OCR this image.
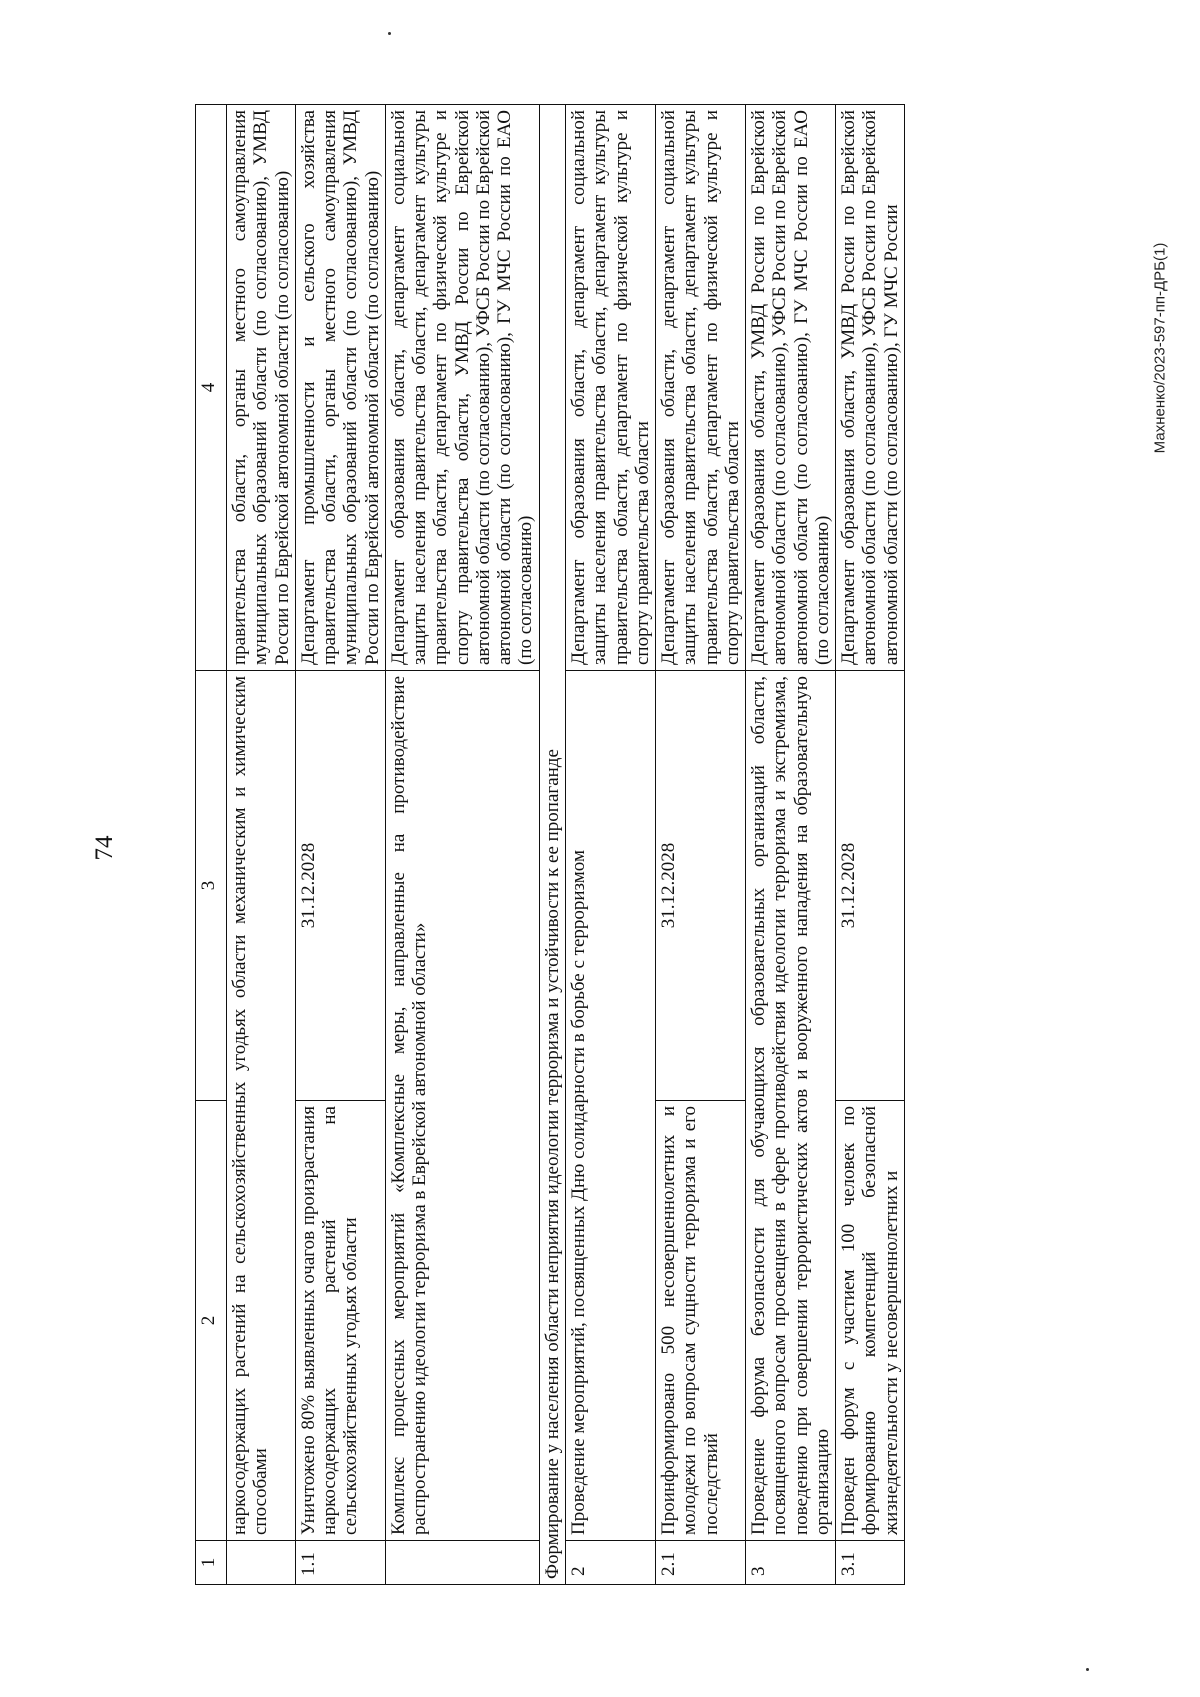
74
Махненко/2023-597-пп-ДРБ(1)
1	2	3	4
	наркосодержащих растений на сельскохозяйственных угодьях области механическим и химическим способами		правительства области, органы местного самоуправления муниципальных образований области (по согласованию), УМВД России по Еврейской автономной области (по согласованию)
1.1	Уничтожено 80% выявленных очагов произрастания наркосодержащих растений на сельскохозяйственных угодьях области	31.12.2028	Департамент промышленности и сельского хозяйства правительства области, органы местного самоуправления муниципальных образований области (по согласованию), УМВД России по Еврейской автономной области (по согласованию)
	Комплекс процессных мероприятий «Комплексные меры, направленные на противодействие распространению идеологии терроризма в Еврейской автономной области»		Департамент образования области, департамент социальной защиты населения правительства области, департамент культуры правительства области, департамент по физической культуре и спорту правительства области, УМВД России по Еврейской автономной области (по согласованию), УФСБ России по Еврейской автономной области (по согласованию), ГУ МЧС России по ЕАО (по согласованию)
Формирование у населения области неприятия идеологии терроризма и устойчивости к ее пропаганде			
2	Проведение мероприятий, посвященных Дню солидарности в борьбе с терроризмом		Департамент образования области, департамент социальной защиты населения правительства области, департамент культуры правительства области, департамент по физической культуре и спорту правительства области
2.1	Проинформировано 500 несовершеннолетних и молодежи по вопросам сущности терроризма и его последствий	31.12.2028	Департамент образования области, департамент социальной защиты населения правительства области, департамент культуры правительства области, департамент по физической культуре и спорту правительства области
3	Проведение форума безопасности для обучающихся образовательных организаций области, посвященного вопросам просвещения в сфере противодействия идеологии терроризма и экстремизма, поведению при совершении террористических актов и вооруженного нападения на образовательную организацию		Департамент образования области, УМВД России по Еврейской автономной области (по согласованию), УФСБ России по Еврейской автономной области (по согласованию), ГУ МЧС России по ЕАО (по согласованию)
3.1	Проведен форум с участием 100 человек по формированию компетенций безопасной жизнедеятельности у несовершеннолетних и	31.12.2028	Департамент образования области, УМВД России по Еврейской автономной области (по согласованию), УФСБ России по Еврейской автономной области (по согласованию), ГУ МЧС России
